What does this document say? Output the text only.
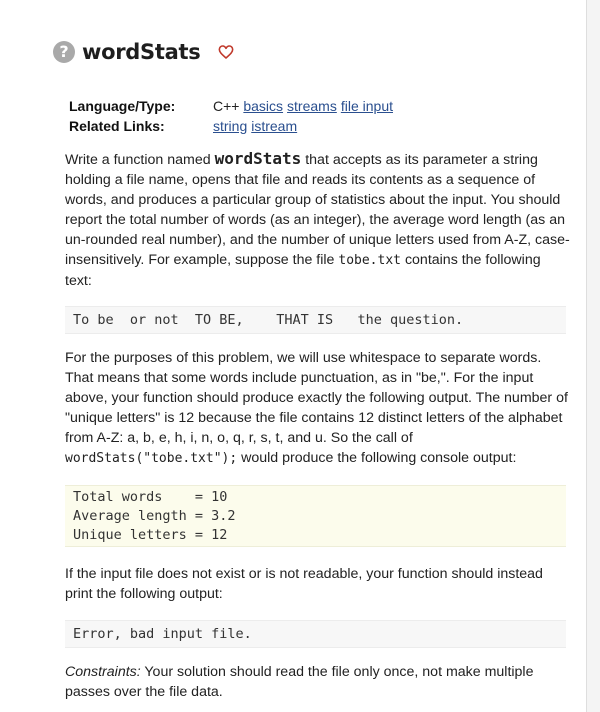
? wordStats
Language/Type:	C++ basics streams file input
Related Links:	string istream
Write a function named wordStats that accepts as its parameter a string holding a file name, opens that file and reads its contents as a sequence of words, and produces a particular group of statistics about the input. You should report the total number of words (as an integer), the average word length (as an un-rounded real number), and the number of unique letters used from A-Z, case-insensitively. For example, suppose the file tobe.txt contains the following text:
To be  or not  TO BE,    THAT IS   the question.
For the purposes of this problem, we will use whitespace to separate words. That means that some words include punctuation, as in "be,". For the input above, your function should produce exactly the following output. The number of "unique letters" is 12 because the file contains 12 distinct letters of the alphabet from A-Z: a, b, e, h, i, n, o, q, r, s, t, and u. So the call of wordStats("tobe.txt"); would produce the following console output:
Total words    = 10
Average length = 3.2
Unique letters = 12
If the input file does not exist or is not readable, your function should instead print the following output:
Error, bad input file.
Constraints: Your solution should read the file only once, not make multiple passes over the file data.
